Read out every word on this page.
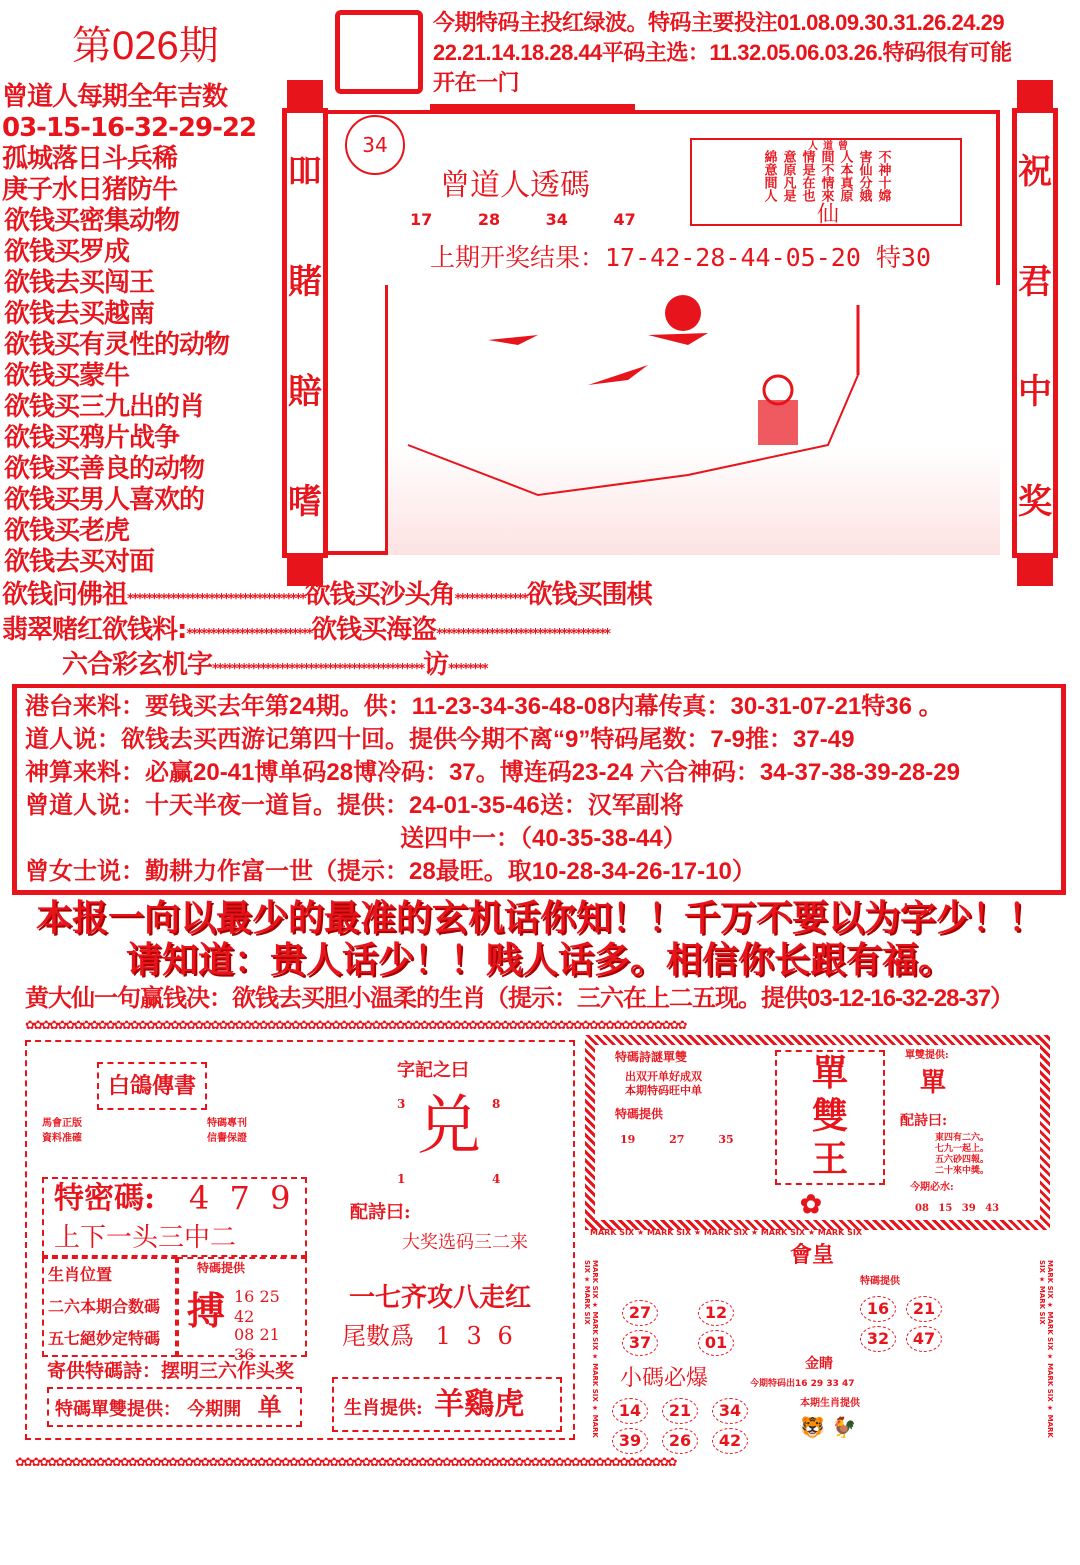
第026期
今期特码主投红绿波。特码主要投注01.08.09.30.31.26.24.29
22.21.14.18.28.44平码主选：11.32.05.06.03.26.特码很有可能
开在一门
曾道人每期全年吉数
03-15-16-32-29-22
孤城落日斗兵稀
庚子水日猪防牛
欲钱买密集动物
欲钱买罗成
欲钱去买闯王
欲钱去买越南
欲钱买有灵性的动物
欲钱买蒙牛
欲钱买三九出的肖
欲钱买鸦片战争
欲钱买善良的动物
欲钱买男人喜欢的
欲钱买老虎
欲钱去买对面
吅
賭
賠
嗜
祝
君
中
奖
34
曾道人透碼
17 28 34 47	仙
嫦娥原來也是人
十分真情在凡間
神仙本不是原意
不害人間情意綿
曾道人
上期开奖结果：17-42-28-44-05-20 特30
欲钱问佛祖*************************************欲钱买沙头角***************欲钱买围棋
翡翠赌红欲钱料:**************************欲钱买海盗************************************
六合彩玄机字********************************************访********
港台来料：要钱买去年第24期。供：11-23-34-36-48-08内幕传真：30-31-07-21特36 。
道人说：欲钱去买西游记第四十回。提供今期不离“9”特码尾数：7-9推：37-49
神算来料：必赢20-41博单码28博冷码：37。博连码23-24 六合神码：34-37-38-39-28-29
曾道人说：十天半夜一道旨。提供：24-01-35-46送：汉军副将
送四中一：（40-35-38-44）
曾女士说：勤耕力作富一世（提示：28最旺。取10-28-34-26-17-10）
本报一向以最少的最准的玄机话你知！！千万不要以为字少！！
请知道：贵人话少！！贱人话多。相信你长跟有福。
黄大仙一句赢钱决：欲钱去买胆小温柔的生肖（提示：三六在上二五现。提供03-12-16-32-28-37）
✿✿✿✿✿✿✿✿✿✿✿✿✿✿✿✿✿✿✿✿✿✿✿✿✿✿✿✿✿✿✿✿✿✿✿✿✿✿✿✿✿✿✿✿✿✿✿✿✿✿✿✿✿✿✿✿✿✿✿✿✿✿✿✿✿✿✿✿✿✿✿✿✿✿✿✿✿✿✿✿✿✿
✿✿✿✿✿✿✿✿✿✿✿✿✿✿✿✿✿✿✿✿✿✿✿✿✿✿✿✿✿✿✿✿✿✿✿✿✿✿✿✿✿✿✿✿✿✿✿✿✿✿✿✿✿✿✿✿✿✿✿✿✿✿✿✿✿✿✿✿✿✿✿✿✿✿✿✿✿✿✿✿✿✿
白鴿傳書
馬會正版 資料准確
特碼專刊 信譽保證
特密碼: 4 7 9
上下一头三中二
生肖位置
二六本期合数碼
五七絕妙定特碼
特碼提供
搏 16 25 42
08 21 36
寄供特碼詩：摆明三六作头奖
特碼單雙提供： 今期開 单
字記之曰
兑
3	8
1	4
配詩曰:
大奖选码三二来
一七齐攻八走红
尾數爲 1 3 6
生肖提供: 羊鷄虎
特碼詩謎單雙
出双开单好成双
本期特码旺中单
特碼提供
19	27	35
單
雙
王
✿
單雙提供:
單
配詩曰:
東四有二六。
七九一起上。
五六砂四報。
二十來中獎。
今期必水:
08 15 39 43
MARK SIX ★ MARK SIX ★ MARK SIX ★ MARK SIX ★ MARK SIX
MARK SIX ★ MARK SIX ★ MARK SIX ★ MARK SIX ★ MARK SIX
MARK SIX ★ MARK SIX ★ MARK SIX ★ MARK SIX ★ MARK SIX
會皇
27	12 37	01
特碼提供
16 21 32 47
金睛
今期特码出16 29 33 47
小碼必爆
14 21 34 39 26 42
本期生肖提供
🐯 🐓
